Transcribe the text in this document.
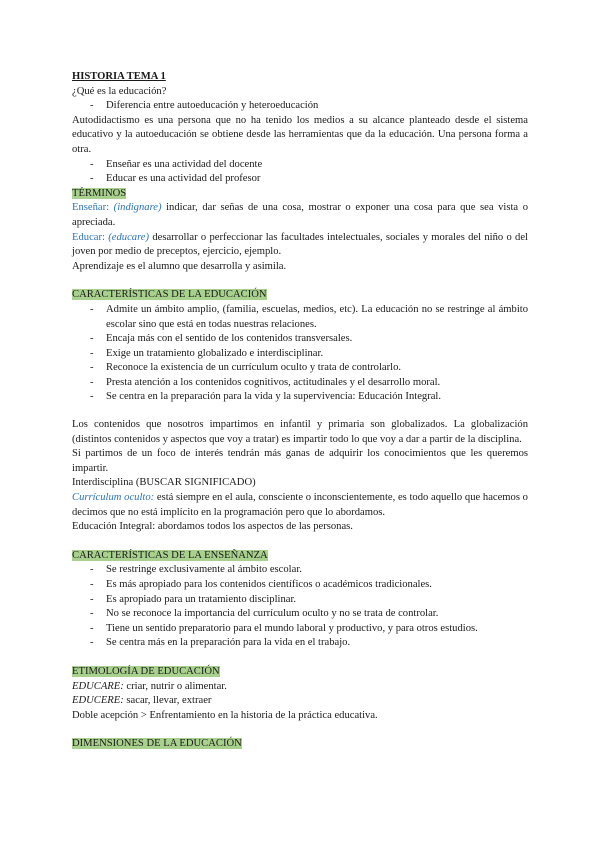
HISTORIA TEMA 1

¿Qué es la educación?

- Diferencia entre autoeducación y heteroeducación

Autodidactismo es una persona que no ha tenido los medios a su alcance planteado desde el sistema educativo y la autoeducación se obtiene desde las herramientas que da la educación. Una persona forma a otra.

- Enseñar es una actividad del docente
- Educar es una actividad del profesor

TÉRMINOS

Enseñar: (indignare) indicar, dar señas de una cosa, mostrar o exponer una cosa para que sea vista o apreciada.

Educar: (educare) desarrollar o perfeccionar las facultades intelectuales, sociales y morales del niño o del joven por medio de preceptos, ejercicio, ejemplo.

Aprendizaje es el alumno que desarrolla y asimila.

CARACTERÍSTICAS DE LA EDUCACIÓN

- Admite un ámbito amplio, (familia, escuelas, medios, etc). La educación no se restringe al ámbito escolar sino que está en todas nuestras relaciones.
- Encaja más con el sentido de los contenidos transversales.
- Exige un tratamiento globalizado e interdisciplinar.
- Reconoce la existencia de un currículum oculto y trata de controlarlo.
- Presta atención a los contenidos cognitivos, actitudinales y el desarrollo moral.
- Se centra en la preparación para la vida y la supervivencia: Educación Integral.

Los contenidos que nosotros impartimos en infantil y primaria son globalizados. La globalización (distintos contenidos y aspectos que voy a tratar) es impartir todo lo que voy a dar a partir de la disciplina.

Si partimos de un foco de interés tendrán más ganas de adquirir los conocimientos que les queremos impartir.

Interdisciplina (BUSCAR SIGNIFICADO)

Currículum oculto: está siempre en el aula, consciente o inconscientemente, es todo aquello que hacemos o decimos que no está implícito en la programación pero que lo abordamos.

Educación Integral: abordamos todos los aspectos de las personas.

CARACTERÍSTICAS DE LA ENSEÑANZA

- Se restringe exclusivamente al ámbito escolar.
- Es más apropiado para los contenidos científicos o académicos tradicionales.
- Es apropiado para un tratamiento disciplinar.
- No se reconoce la importancia del currículum oculto y no se trata de controlar.
- Tiene un sentido preparatorio para el mundo laboral y productivo, y para otros estudios.
- Se centra más en la preparación para la vida en el trabajo.

ETIMOLOGÍA DE EDUCACIÓN

EDUCARE: criar, nutrir o alimentar.

EDUCERE: sacar, llevar, extraer

Doble acepción > Enfrentamiento en la historia de la práctica educativa.

DIMENSIONES DE LA EDUCACIÓN
